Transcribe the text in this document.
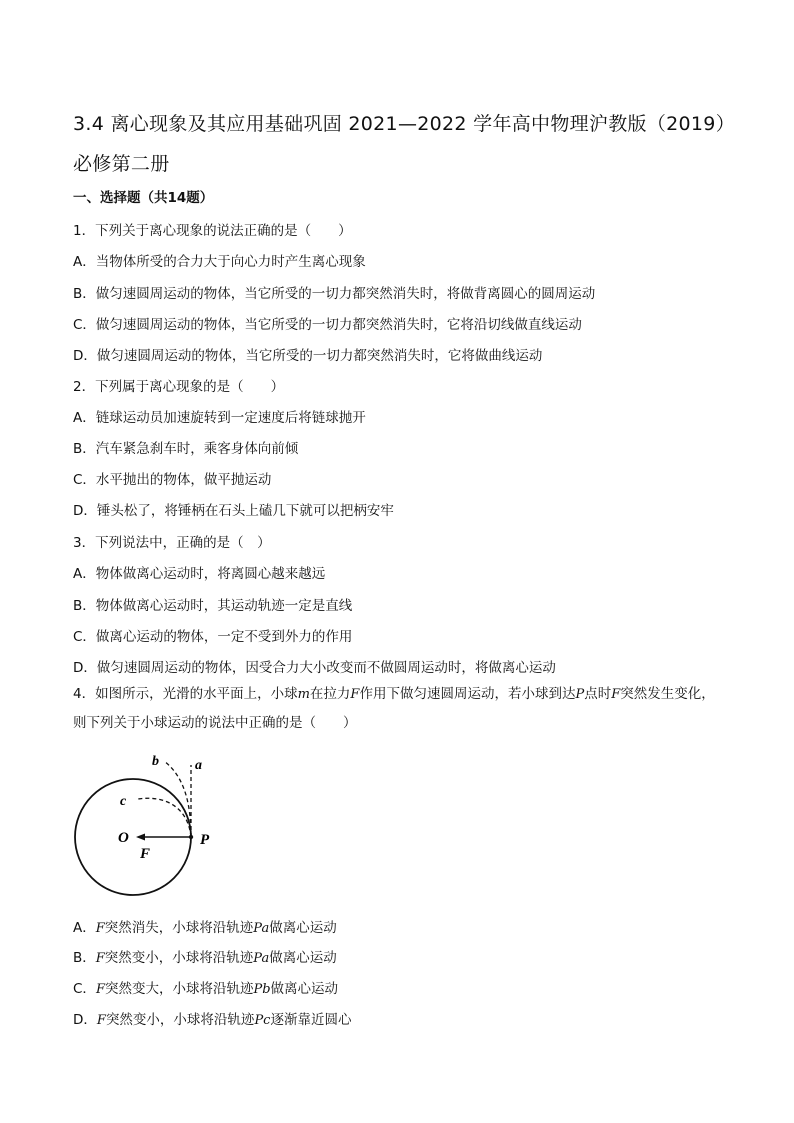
3.4 离心现象及其应用基础巩固 2021—2022 学年高中物理沪教版（2019）必修第二册
一、选择题（共14题）
1．下列关于离心现象的说法正确的是（　　）
A．当物体所受的合力大于向心力时产生离心现象
B．做匀速圆周运动的物体，当它所受的一切力都突然消失时，将做背离圆心的圆周运动
C．做匀速圆周运动的物体，当它所受的一切力都突然消失时，它将沿切线做直线运动
D．做匀速圆周运动的物体，当它所受的一切力都突然消失时，它将做曲线运动
2．下列属于离心现象的是（　　）
A．链球运动员加速旋转到一定速度后将链球抛开
B．汽车紧急刹车时，乘客身体向前倾
C．水平抛出的物体，做平抛运动
D．锤头松了，将锤柄在石头上磕几下就可以把柄安牢
3．下列说法中，正确的是（　）
A．物体做离心运动时，将离圆心越来越远
B．物体做离心运动时，其运动轨迹一定是直线
C．做离心运动的物体，一定不受到外力的作用
D．做匀速圆周运动的物体，因受合力大小改变而不做圆周运动时，将做离心运动
4．如图所示，光滑的水平面上，小球m在拉力F作用下做匀速圆周运动，若小球到达P点时F突然发生变化，则下列关于小球运动的说法中正确的是（　　）
b	a
c
O	P
F
A．F突然消失，小球将沿轨迹Pa做离心运动
B．F突然变小，小球将沿轨迹Pa做离心运动
C．F突然变大，小球将沿轨迹Pb做离心运动
D．F突然变小，小球将沿轨迹Pc逐渐靠近圆心
